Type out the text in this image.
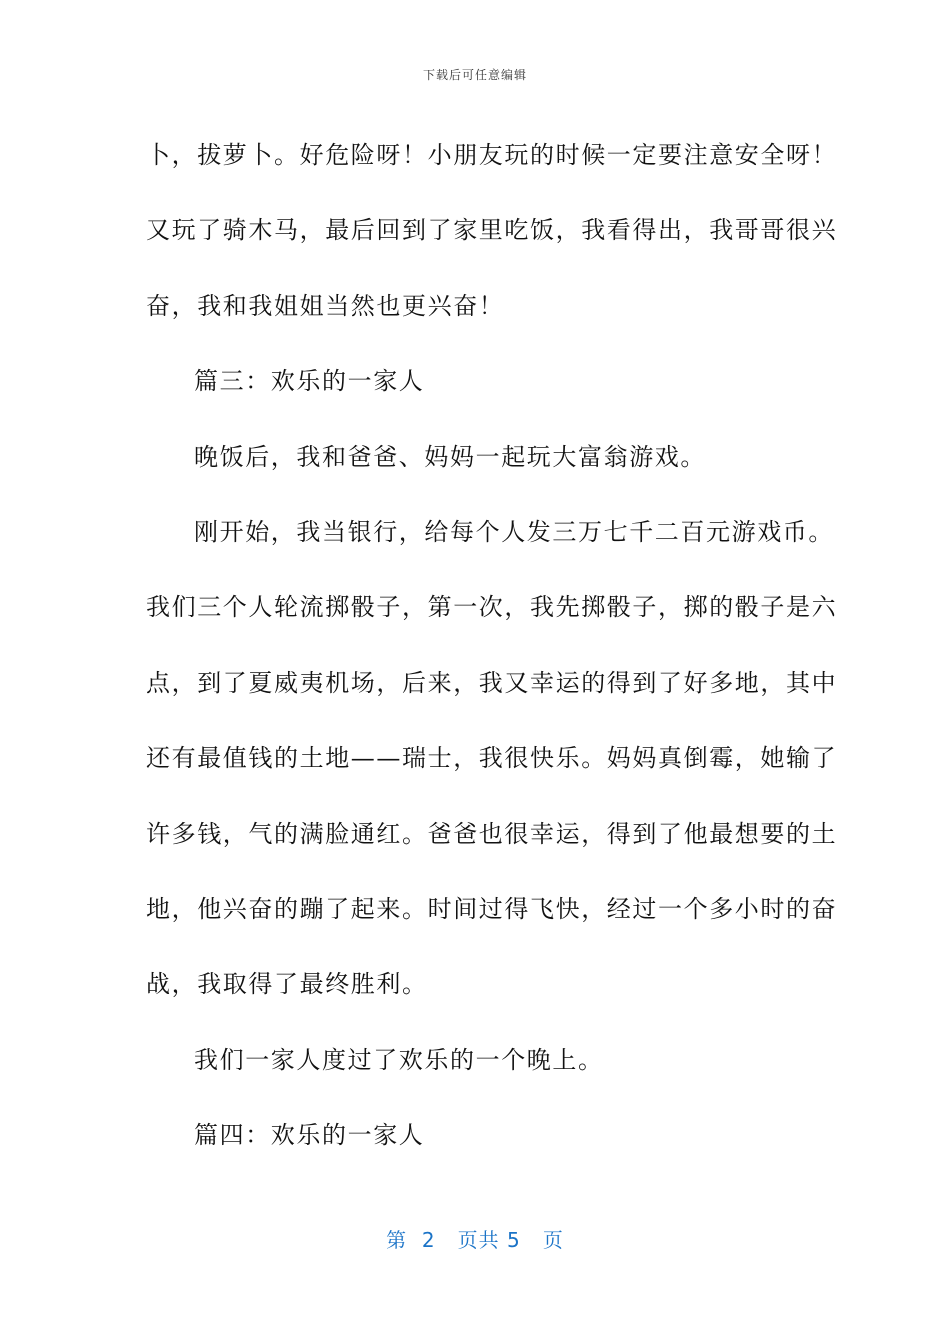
下载后可任意编辑

卜，拔萝卜。好危险呀！小朋友玩的时候一定要注意安全呀！

又玩了骑木马，最后回到了家里吃饭，我看得出，我哥哥很兴

奋，我和我姐姐当然也更兴奋！

篇三：欢乐的一家人

晚饭后，我和爸爸、妈妈一起玩大富翁游戏。

刚开始，我当银行，给每个人发三万七千二百元游戏币。

我们三个人轮流掷骰子，第一次，我先掷骰子，掷的骰子是六

点，到了夏威夷机场，后来，我又幸运的得到了好多地，其中

还有最值钱的土地——瑞士，我很快乐。妈妈真倒霉，她输了

许多钱，气的满脸通红。爸爸也很幸运，得到了他最想要的土

地，他兴奋的蹦了起来。时间过得飞快，经过一个多小时的奋

战，我取得了最终胜利。

我们一家人度过了欢乐的一个晚上。

篇四：欢乐的一家人

第  2   页共 5   页
